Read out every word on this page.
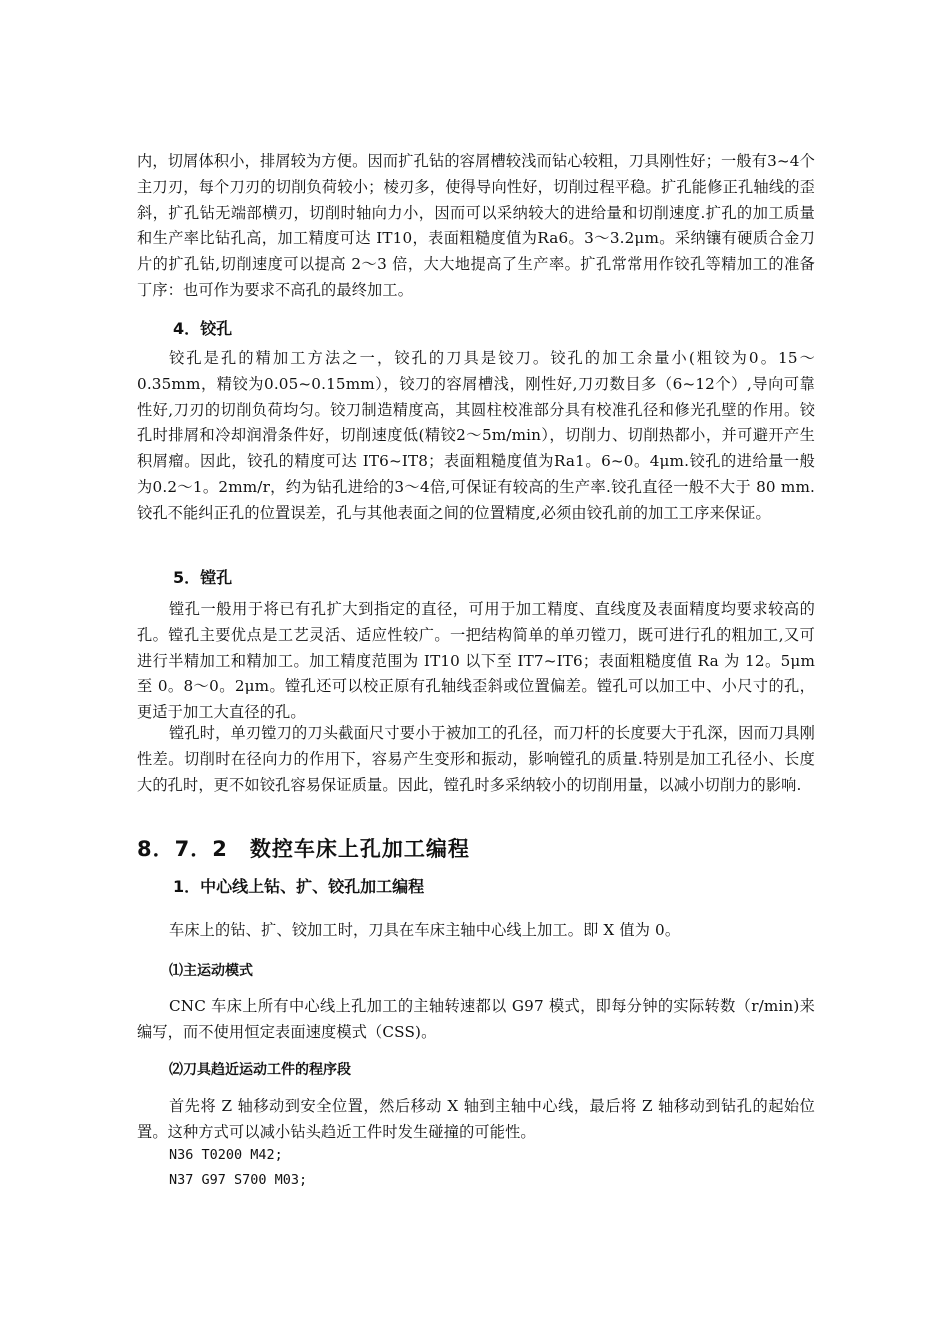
内，切屑体积小，排屑较为方便。因而扩孔钻的容屑槽较浅而钻心较粗，刀具刚性好；一般有3~4个主刀刃，每个刀刃的切削负荷较小；棱刃多，使得导向性好，切削过程平稳。扩孔能修正孔轴线的歪斜，扩孔钻无端部横刃，切削时轴向力小，因而可以采纳较大的进给量和切削速度.扩孔的加工质量和生产率比钻孔高，加工精度可达 IT10，表面粗糙度值为Ra6。3～3.2μm。采纳镶有硬质合金刀片的扩孔钻,切削速度可以提高 2～3 倍，大大地提高了生产率。扩孔常常用作铰孔等精加工的准备丁序：也可作为要求不高孔的最终加工。

4．铰孔

铰孔是孔的精加工方法之一，铰孔的刀具是铰刀。铰孔的加工余量小(粗铰为0。15～0.35mm，精铰为0.05~0.15mm），铰刀的容屑槽浅，刚性好,刀刃数目多（6~12个）,导向可靠性好,刀刃的切削负荷均匀。铰刀制造精度高，其圆柱校准部分具有校准孔径和修光孔壁的作用。铰孔时排屑和冷却润滑条件好，切削速度低(精铰2～5m/min），切削力、切削热都小，并可避开产生积屑瘤。因此，铰孔的精度可达 IT6~IT8；表面粗糙度值为Ra1。6~0。4μm.铰孔的进给量一般为0.2～1。2mm/r，约为钻孔进给的3～4倍,可保证有较高的生产率.铰孔直径一般不大于 80 mm.铰孔不能纠正孔的位置误差，孔与其他表面之间的位置精度,必须由铰孔前的加工工序来保证。

5．镗孔

镗孔一般用于将已有孔扩大到指定的直径，可用于加工精度、直线度及表面精度均要求较高的孔。镗孔主要优点是工艺灵活、适应性较广。一把结构简单的单刃镗刀，既可进行孔的粗加工,又可进行半精加工和精加工。加工精度范围为 IT10 以下至 IT7~IT6；表面粗糙度值 Ra 为 12。5μm 至 0。8～0。2μm。镗孔还可以校正原有孔轴线歪斜或位置偏差。镗孔可以加工中、小尺寸的孔，更适于加工大直径的孔。

镗孔时，单刃镗刀的刀头截面尺寸要小于被加工的孔径，而刀杆的长度要大于孔深，因而刀具刚性差。切削时在径向力的作用下，容易产生变形和振动，影响镗孔的质量.特别是加工孔径小、长度大的孔时，更不如铰孔容易保证质量。因此，镗孔时多采纳较小的切削用量，以减小切削力的影响.

8．7．2　数控车床上孔加工编程
1．中心线上钻、扩、铰孔加工编程

车床上的钻、扩、铰加工时，刀具在车床主轴中心线上加工。即 X 值为 0。

⑴主运动模式

CNC 车床上所有中心线上孔加工的主轴转速都以 G97 模式，即每分钟的实际转数（r/min)来编写，而不使用恒定表面速度模式（CSS)。

⑵刀具趋近运动工件的程序段

首先将 Z 轴移动到安全位置，然后移动 X 轴到主轴中心线，最后将 Z 轴移动到钻孔的起始位置。这种方式可以减小钻头趋近工件时发生碰撞的可能性。

N36 T0200 M42;
N37 G97 S700 M03;
